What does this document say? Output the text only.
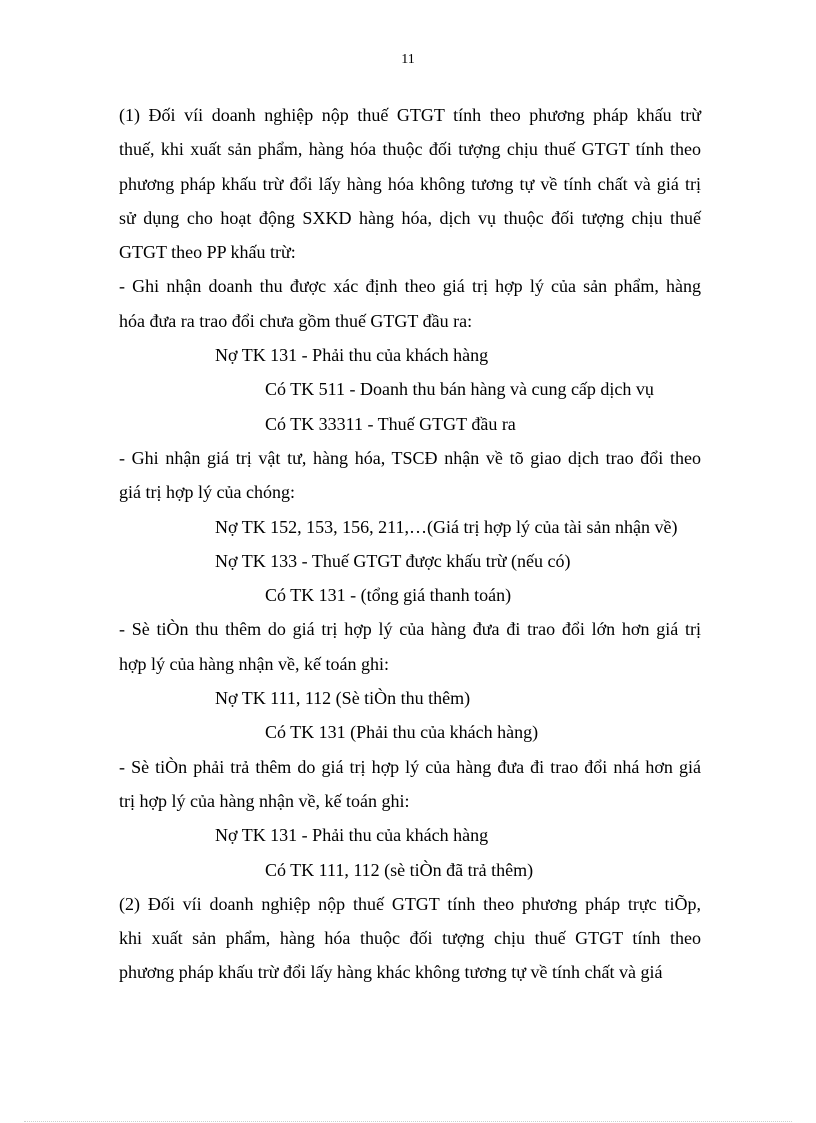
11
(1) Đối víi doanh nghiệp nộp thuế GTGT tính theo phương pháp khấu trừ
thuế, khi xuất sản phẩm, hàng hóa thuộc đối tượng chịu thuế GTGT tính theo
phương pháp khấu trừ đổi lấy hàng hóa không tương tự về tính chất và giá trị
sử dụng cho hoạt động SXKD hàng hóa, dịch vụ thuộc đối tượng chịu thuế
GTGT theo PP khấu trừ:
- Ghi nhận doanh thu được xác định theo giá trị hợp lý của sản phẩm, hàng
hóa đưa ra trao đổi chưa gồm thuế GTGT đầu ra:
Nợ TK 131 - Phải thu của khách hàng
Có TK 511 - Doanh thu bán hàng và cung cấp dịch vụ
Có TK 33311 - Thuế GTGT đầu ra
- Ghi nhận giá trị vật tư, hàng hóa, TSCĐ nhận về tõ giao dịch trao đổi theo
giá trị hợp lý của chóng:
Nợ TK 152, 153, 156, 211,…(Giá trị hợp lý của tài sản nhận về)
Nợ TK 133 - Thuế GTGT được khấu trừ (nếu có)
Có TK 131 - (tổng giá thanh toán)
- Sè tiÒn thu thêm do giá trị hợp lý của hàng đưa đi trao đổi lớn hơn giá trị
hợp lý của hàng nhận về, kế toán ghi:
Nợ TK 111, 112 (Sè tiÒn thu thêm)
Có TK 131 (Phải thu của khách hàng)
- Sè tiÒn phải trả thêm do giá trị hợp lý của hàng đưa đi trao đổi nhá hơn giá
trị hợp lý của hàng nhận về, kế toán ghi:
Nợ TK 131 - Phải thu của khách hàng
Có TK 111, 112 (sè tiÒn đã trả thêm)
(2) Đối víi doanh nghiệp nộp thuế GTGT tính theo phương pháp trực tiÕp,
khi xuất sản phẩm, hàng hóa thuộc đối tượng chịu thuế GTGT tính theo
phương pháp khấu trừ đổi lấy hàng khác không tương tự về tính chất và giá
